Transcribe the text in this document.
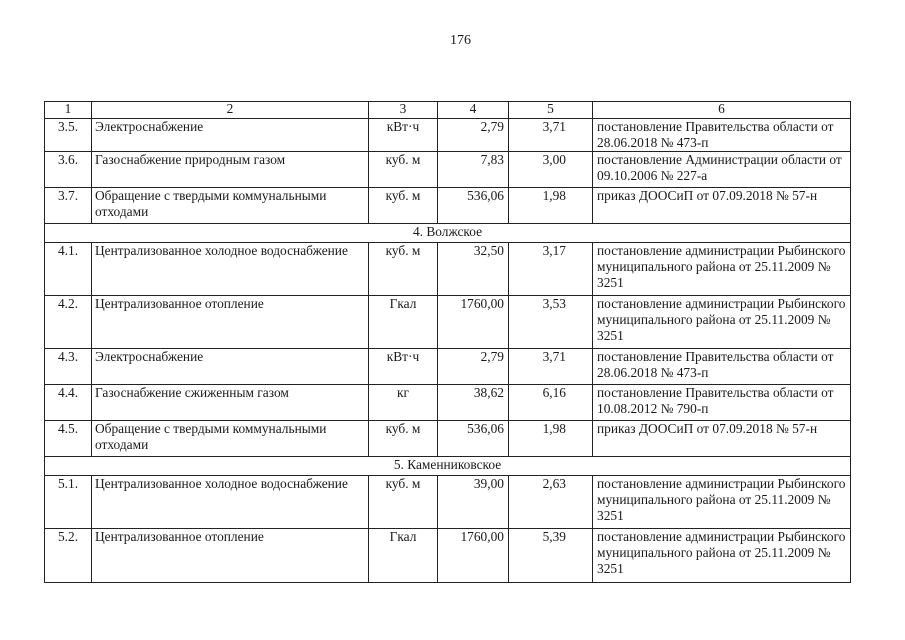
176
1	2	3	4	5	6
3.5.	Электроснабжение	кВт·ч	2,79	3,71	постановление Правительства области от 28.06.2018 № 473-п
3.6.	Газоснабжение природным газом	куб. м	7,83	3,00	постановление Администрации области от 09.10.2006 № 227-а
3.7.	Обращение с твердыми коммунальными отходами	куб. м	536,06	1,98	приказ ДООСиП от 07.09.2018 № 57-н
4. Волжское					
4.1.	Централизованное холодное водоснабжение	куб. м	32,50	3,17	постановление администрации Рыбинского муниципального района от 25.11.2009 № 3251
4.2.	Централизованное отопление	Гкал	1760,00	3,53	постановление администрации Рыбинского муниципального района от 25.11.2009 № 3251
4.3.	Электроснабжение	кВт·ч	2,79	3,71	постановление Правительства области от 28.06.2018 № 473-п
4.4.	Газоснабжение сжиженным газом	кг	38,62	6,16	постановление Правительства области от 10.08.2012 № 790-п
4.5.	Обращение с твердыми коммунальными отходами	куб. м	536,06	1,98	приказ ДООСиП от 07.09.2018 № 57-н
5. Каменниковское					
5.1.	Централизованное холодное водоснабжение	куб. м	39,00	2,63	постановление администрации Рыбинского муниципального района от 25.11.2009 № 3251
5.2.	Централизованное отопление	Гкал	1760,00	5,39	постановление администрации Рыбинского муниципального района от 25.11.2009 № 3251
